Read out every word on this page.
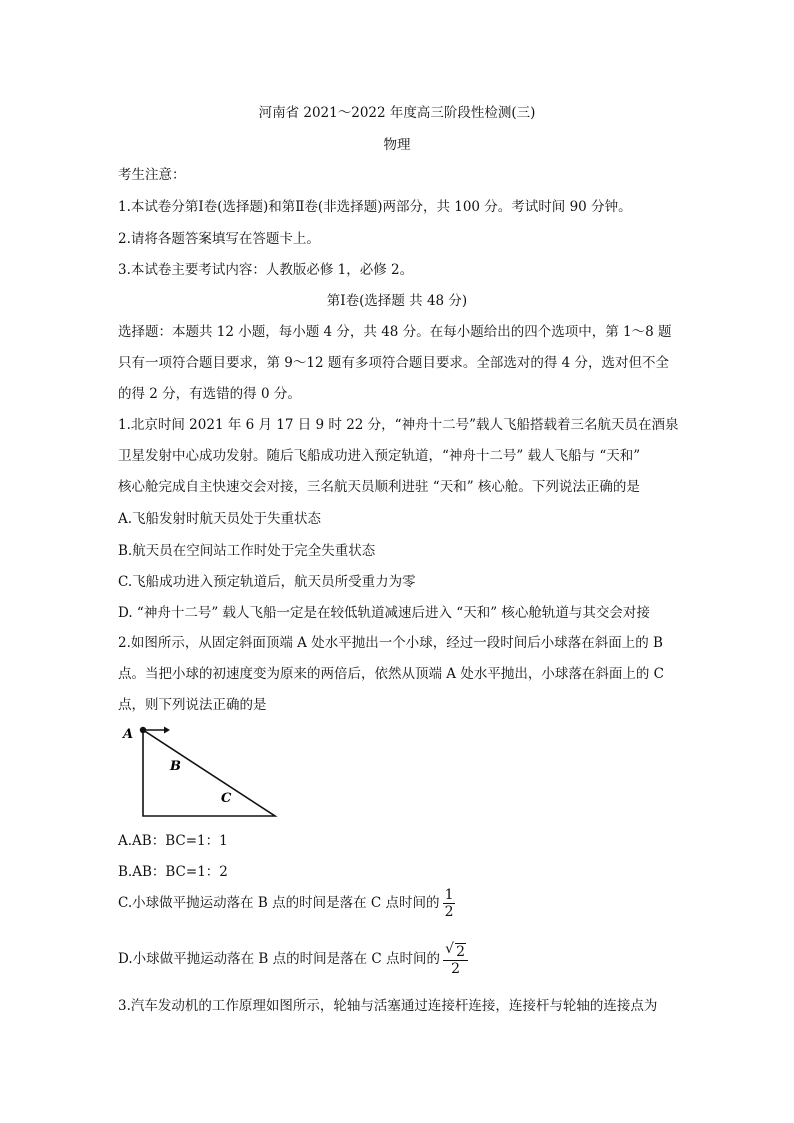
河南省 2021～2022 年度高三阶段性检测(三)
物理
考生注意：
1.本试卷分第Ⅰ卷(选择题)和第Ⅱ卷(非选择题)两部分，共 100 分。考试时间 90 分钟。
2.请将各题答案填写在答题卡上。
3.本试卷主要考试内容：人教版必修 1，必修 2。
第Ⅰ卷(选择题 共 48 分)
选择题：本题共 12 小题，每小题 4 分，共 48 分。在每小题给出的四个选项中，第 1～8 题
只有一项符合题目要求，第 9～12 题有多项符合题目要求。全部选对的得 4 分，选对但不全
的得 2 分，有选错的得 0 分。
1.北京时间 2021 年 6 月 17 日 9 时 22 分，“神舟十二号”载人飞船搭载着三名航天员在酒泉
卫星发射中心成功发射。随后飞船成功进入预定轨道，“神舟十二号” 载人飞船与 “天和”
核心舱完成自主快速交会对接，三名航天员顺利进驻 “天和” 核心舱。下列说法正确的是
A.飞船发射时航天员处于失重状态
B.航天员在空间站工作时处于完全失重状态
C.飞船成功进入预定轨道后，航天员所受重力为零
D. “神舟十二号” 载人飞船一定是在较低轨道减速后进入 “天和” 核心舱轨道与其交会对接
2.如图所示，从固定斜面顶端 A 处水平抛出一个小球，经过一段时间后小球落在斜面上的 B
点。当把小球的初速度变为原来的两倍后，依然从顶端 A 处水平抛出，小球落在斜面上的 C
点，则下列说法正确的是
A
B
C
A.AB：BC=1：1
B.AB：BC=1：2
C.小球做平抛运动落在 B 点的时间是落在 C 点时间的 $\frac{1}{2}$
D.小球做平抛运动落在 B 点的时间是落在 C 点时间的 $\frac{√ 2}{2}$
3.汽车发动机的工作原理如图所示，轮轴与活塞通过连接杆连接，连接杆与轮轴的连接点为
